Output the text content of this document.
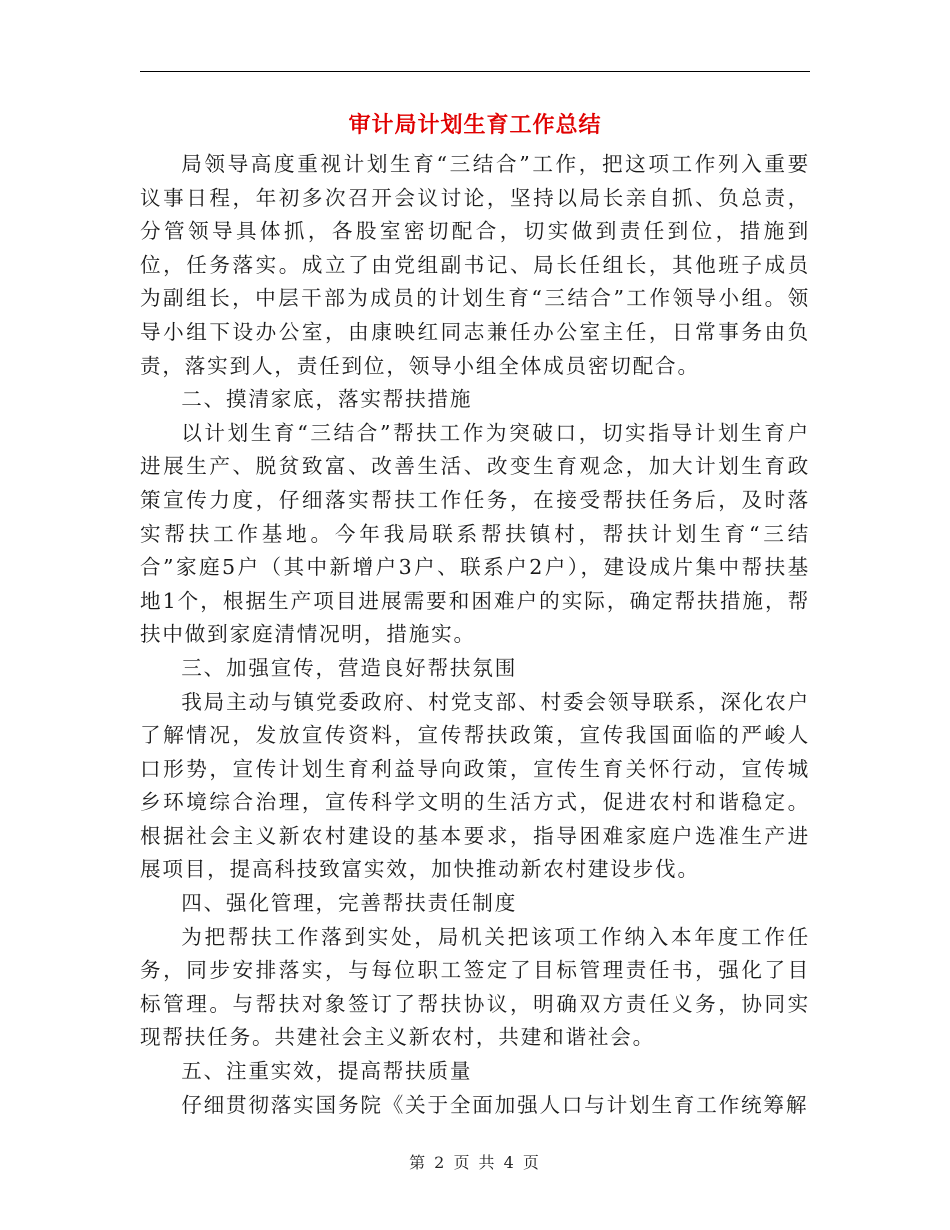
审计局计划生育工作总结

局领导高度重视计划生育“三结合”工作，把这项工作列入重要议事日程，年初多次召开会议讨论，坚持以局长亲自抓、负总责，分管领导具体抓，各股室密切配合，切实做到责任到位，措施到位，任务落实。成立了由党组副书记、局长任组长，其他班子成员为副组长，中层干部为成员的计划生育“三结合”工作领导小组。领导小组下设办公室，由康映红同志兼任办公室主任，日常事务由负责，落实到人，责任到位，领导小组全体成员密切配合。

二、摸清家底，落实帮扶措施

以计划生育“三结合”帮扶工作为突破口，切实指导计划生育户进展生产、脱贫致富、改善生活、改变生育观念，加大计划生育政策宣传力度，仔细落实帮扶工作任务，在接受帮扶任务后，及时落实帮扶工作基地。今年我局联系帮扶镇村，帮扶计划生育“三结合”家庭5户（其中新增户3户、联系户2户），建设成片集中帮扶基地1个，根据生产项目进展需要和困难户的实际，确定帮扶措施，帮扶中做到家庭清情况明，措施实。

三、加强宣传，营造良好帮扶氛围

我局主动与镇党委政府、村党支部、村委会领导联系，深化农户了解情况，发放宣传资料，宣传帮扶政策，宣传我国面临的严峻人口形势，宣传计划生育利益导向政策，宣传生育关怀行动，宣传城乡环境综合治理，宣传科学文明的生活方式，促进农村和谐稳定。根据社会主义新农村建设的基本要求，指导困难家庭户选准生产进展项目，提高科技致富实效，加快推动新农村建设步伐。

四、强化管理，完善帮扶责任制度

为把帮扶工作落到实处，局机关把该项工作纳入本年度工作任务，同步安排落实，与每位职工签定了目标管理责任书，强化了目标管理。与帮扶对象签订了帮扶协议，明确双方责任义务，协同实现帮扶任务。共建社会主义新农村，共建和谐社会。

五、注重实效，提高帮扶质量

仔细贯彻落实国务院《关于全面加强人口与计划生育工作统筹解

第 2 页 共 4 页
